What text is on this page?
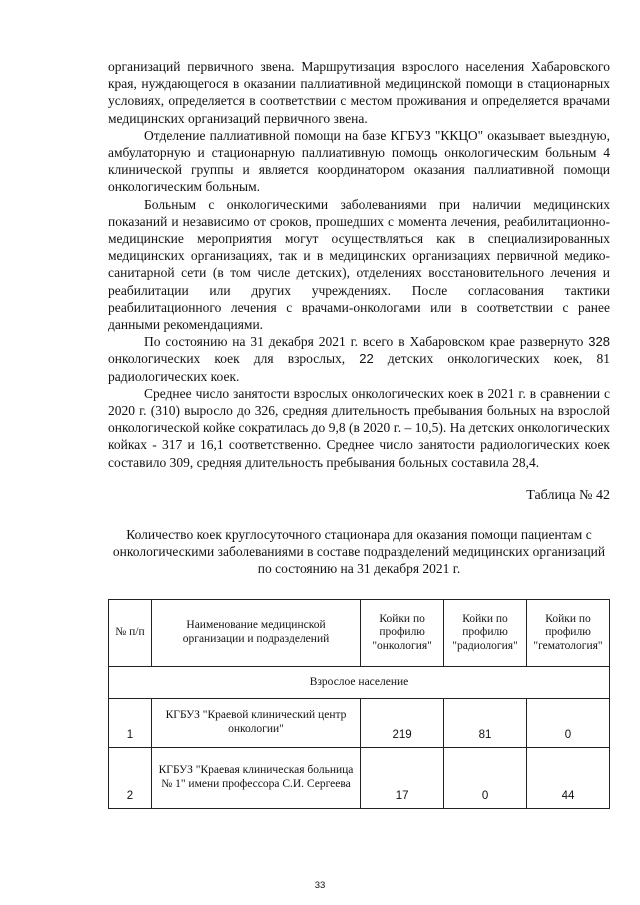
организаций первичного звена. Маршрутизация взрослого населения Хабаровского края, нуждающегося в оказании паллиативной медицинской помощи в стационарных условиях, определяется в соответствии с местом проживания и определяется врачами медицинских организаций первичного звена.

Отделение паллиативной помощи на базе КГБУЗ "ККЦО" оказывает выездную, амбулаторную и стационарную паллиативную помощь онкологическим больным 4 клинической группы и является координатором оказания паллиативной помощи онкологическим больным.

Больным с онкологическими заболеваниями при наличии медицинских показаний и независимо от сроков, прошедших с момента лечения, реабилитационно-медицинские мероприятия могут осуществляться как в специализированных медицинских организациях, так и в медицинских организациях первичной медико-санитарной сети (в том числе детских), отделениях восстановительного лечения и реабилитации или других учреждениях. После согласования тактики реабилитационного лечения с врачами-онкологами или в соответствии с ранее данными рекомендациями.

По состоянию на 31 декабря 2021 г. всего в Хабаровском крае развернуто 328 онкологических коек для взрослых, 22 детских онкологических коек, 81 радиологических коек.

Среднее число занятости взрослых онкологических коек в 2021 г. в сравнении с 2020 г. (310) выросло до 326, средняя длительность пребывания больных на взрослой онкологической койке сократилась до 9,8 (в 2020 г. – 10,5). На детских онкологических койках - 317 и 16,1 соответственно. Среднее число занятости радиологических коек составило 309, средняя длительность пребывания больных составила 28,4.

Таблица № 42

Количество коек круглосуточного стационара для оказания помощи пациентам с онкологическими заболеваниями в составе подразделений медицинских организаций по состоянию на 31 декабря 2021 г.

№ п/п	Наименование медицинской организации и подразделений	Койки по профилю "онкология"	Койки по профилю "радиология"	Койки по профилю "гематология"
Взрослое население				
1	КГБУЗ "Краевой клинический центр онкологии"	219	81	0
2	КГБУЗ "Краевая клиническая больница № 1" имени профессора С.И. Сергеева	17	0	44
33
